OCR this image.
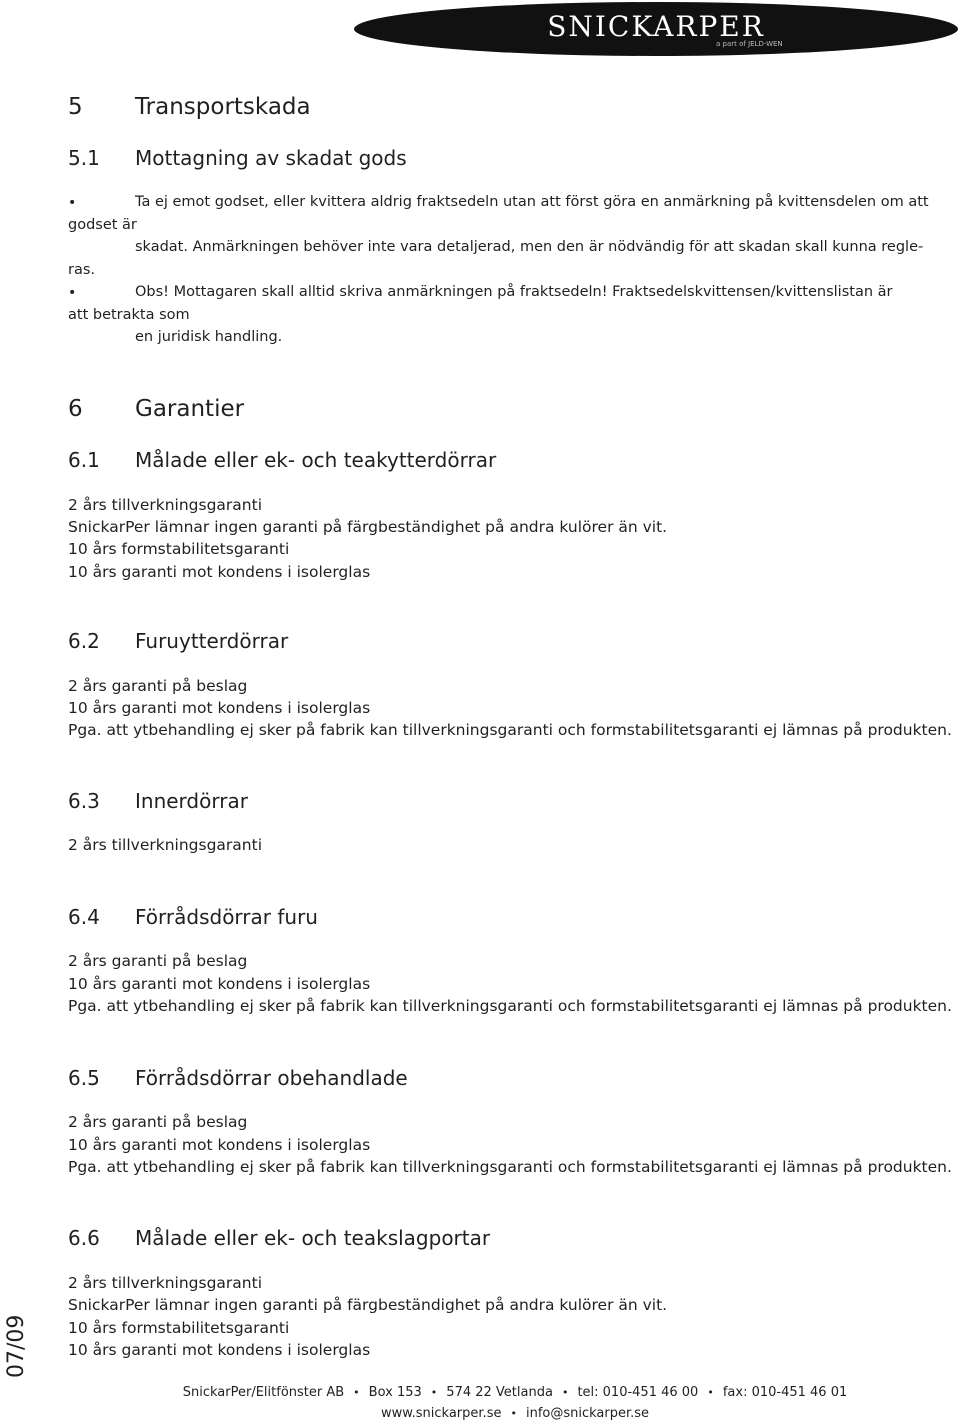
SNICKARPER
a part of JELD-WEN
5 Transportskada
5.1 Mottagning av skadat gods
•	Ta ej emot godset, eller kvittera aldrig fraktsedeln utan att först göra en anmärkning på kvittensdelen om att
godset är
skadat. Anmärkningen behöver inte vara detaljerad, men den är nödvändig för att skadan skall kunna regle-
ras.
•	Obs! Mottagaren skall alltid skriva anmärkningen på fraktsedeln! Fraktsedelskvittensen/kvittenslistan är
att betrakta som
en juridisk handling.
6 Garantier
6.1 Målade eller ek- och teakytterdörrar
2 års tillverkningsgaranti
SnickarPer lämnar ingen garanti på färgbeständighet på andra kulörer än vit.
10 års formstabilitetsgaranti
10 års garanti mot kondens i isolerglas
6.2 Furuytterdörrar
2 års garanti på beslag
10 års garanti mot kondens i isolerglas
Pga. att ytbehandling ej sker på fabrik kan tillverkningsgaranti och formstabilitetsgaranti ej lämnas på produkten.
6.3 Innerdörrar
2 års tillverkningsgaranti
6.4 Förrådsdörrar furu
2 års garanti på beslag
10 års garanti mot kondens i isolerglas
Pga. att ytbehandling ej sker på fabrik kan tillverkningsgaranti och formstabilitetsgaranti ej lämnas på produkten.
6.5 Förrådsdörrar obehandlade
2 års garanti på beslag
10 års garanti mot kondens i isolerglas
Pga. att ytbehandling ej sker på fabrik kan tillverkningsgaranti och formstabilitetsgaranti ej lämnas på produkten.
6.6 Målade eller ek- och teakslagportar
2 års tillverkningsgaranti
SnickarPer lämnar ingen garanti på färgbeständighet på andra kulörer än vit.
10 års formstabilitetsgaranti
10 års garanti mot kondens i isolerglas
07/09
SnickarPer/Elitfönster AB • Box 153 • 574 22 Vetlanda • tel: 010-451 46 00 • fax: 010-451 46 01
www.snickarper.se • info@snickarper.se
